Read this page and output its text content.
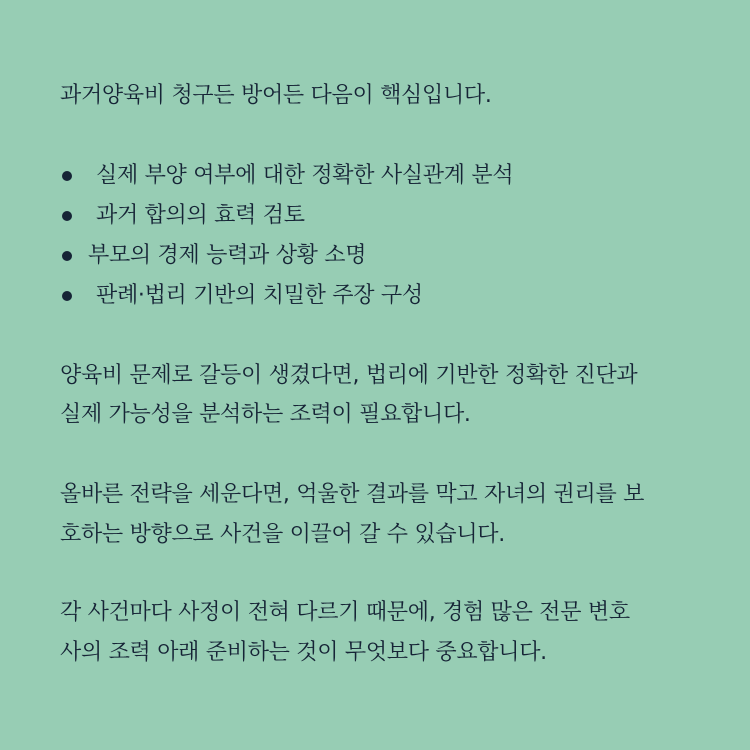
과거양육비 청구든 방어든 다음이 핵심입니다.
실제 부양 여부에 대한 정확한 사실관계 분석
과거 합의의 효력 검토
부모의 경제 능력과 상황 소명
판례·법리 기반의 치밀한 주장 구성
양육비 문제로 갈등이 생겼다면, 법리에 기반한 정확한 진단과
실제 가능성을 분석하는 조력이 필요합니다.
올바른 전략을 세운다면, 억울한 결과를 막고 자녀의 권리를 보
호하는 방향으로 사건을 이끌어 갈 수 있습니다.
각 사건마다 사정이 전혀 다르기 때문에, 경험 많은 전문 변호
사의 조력 아래 준비하는 것이 무엇보다 중요합니다.
